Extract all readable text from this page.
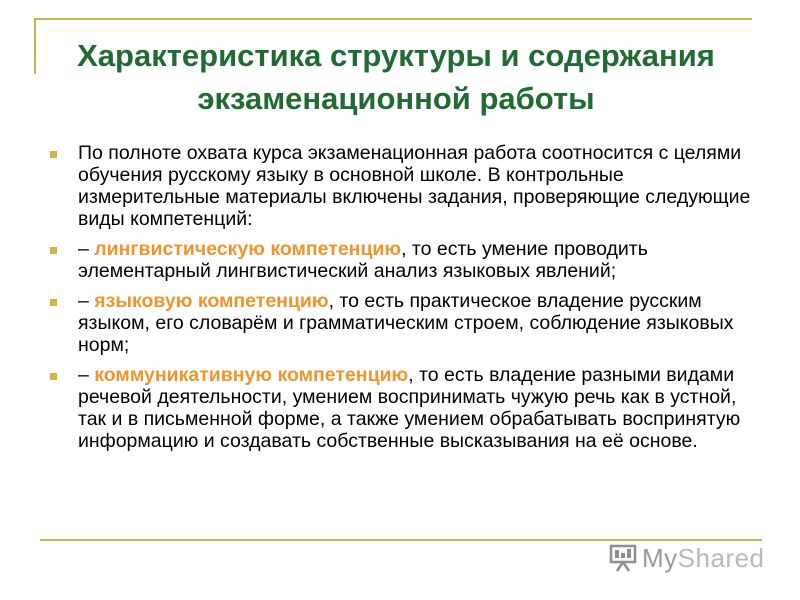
Характеристика структуры и содержания экзаменационной работы
По полноте охвата курса экзаменационная работа соотносится с целями обучения русскому языку в основной школе. В контрольные измерительные материалы включены задания, проверяющие следующие виды компетенций:
– лингвистическую компетенцию, то есть умение проводить элементарный лингвистический анализ языковых явлений;
– языковую компетенцию, то есть практическое владение русским языком, его словарём и грамматическим строем, соблюдение языковых норм;
– коммуникативную компетенцию, то есть владение разными видами речевой деятельности, умением воспринимать чужую речь как в устной, так и в письменной форме, а также умением обрабатывать воспринятую информацию и создавать собственные высказывания на её основе.
MyShared
